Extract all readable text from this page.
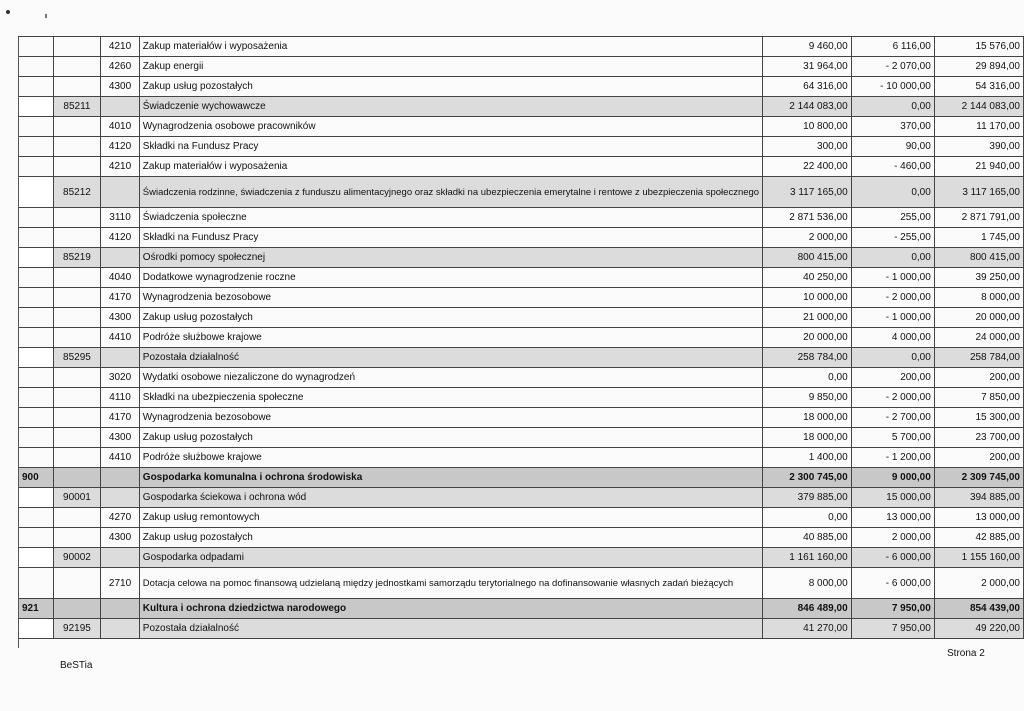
		4210	Zakup materiałów i wyposażenia	9 460,00	6 116,00	15 576,00
		4260	Zakup energii	31 964,00	- 2 070,00	29 894,00
		4300	Zakup usług pozostałych	64 316,00	- 10 000,00	54 316,00
	85211		Świadczenie wychowawcze	2 144 083,00	0,00	2 144 083,00
		4010	Wynagrodzenia osobowe pracowników	10 800,00	370,00	11 170,00
		4120	Składki na Fundusz Pracy	300,00	90,00	390,00
		4210	Zakup materiałów i wyposażenia	22 400,00	- 460,00	21 940,00
	85212		Świadczenia rodzinne, świadczenia z funduszu alimentacyjnego oraz składki na ubezpieczenia emerytalne i rentowe z ubezpieczenia społecznego	3 117 165,00	0,00	3 117 165,00
		3110	Świadczenia społeczne	2 871 536,00	255,00	2 871 791,00
		4120	Składki na Fundusz Pracy	2 000,00	- 255,00	1 745,00
	85219		Ośrodki pomocy społecznej	800 415,00	0,00	800 415,00
		4040	Dodatkowe wynagrodzenie roczne	40 250,00	- 1 000,00	39 250,00
		4170	Wynagrodzenia bezosobowe	10 000,00	- 2 000,00	8 000,00
		4300	Zakup usług pozostałych	21 000,00	- 1 000,00	20 000,00
		4410	Podróże służbowe krajowe	20 000,00	4 000,00	24 000,00
	85295		Pozostała działalność	258 784,00	0,00	258 784,00
		3020	Wydatki osobowe niezaliczone do wynagrodzeń	0,00	200,00	200,00
		4110	Składki na ubezpieczenia społeczne	9 850,00	- 2 000,00	7 850,00
		4170	Wynagrodzenia bezosobowe	18 000,00	- 2 700,00	15 300,00
		4300	Zakup usług pozostałych	18 000,00	5 700,00	23 700,00
		4410	Podróże służbowe krajowe	1 400,00	- 1 200,00	200,00
900			Gospodarka komunalna i ochrona środowiska	2 300 745,00	9 000,00	2 309 745,00
	90001		Gospodarka ściekowa i ochrona wód	379 885,00	15 000,00	394 885,00
		4270	Zakup usług remontowych	0,00	13 000,00	13 000,00
		4300	Zakup usług pozostałych	40 885,00	2 000,00	42 885,00
	90002		Gospodarka odpadami	1 161 160,00	- 6 000,00	1 155 160,00
		2710	Dotacja celowa na pomoc finansową udzielaną między jednostkami samorządu terytorialnego na dofinansowanie własnych zadań bieżących	8 000,00	- 6 000,00	2 000,00
921			Kultura i ochrona dziedzictwa narodowego	846 489,00	7 950,00	854 439,00
	92195		Pozostała działalność	41 270,00	7 950,00	49 220,00
BeSTia
Strona 2
